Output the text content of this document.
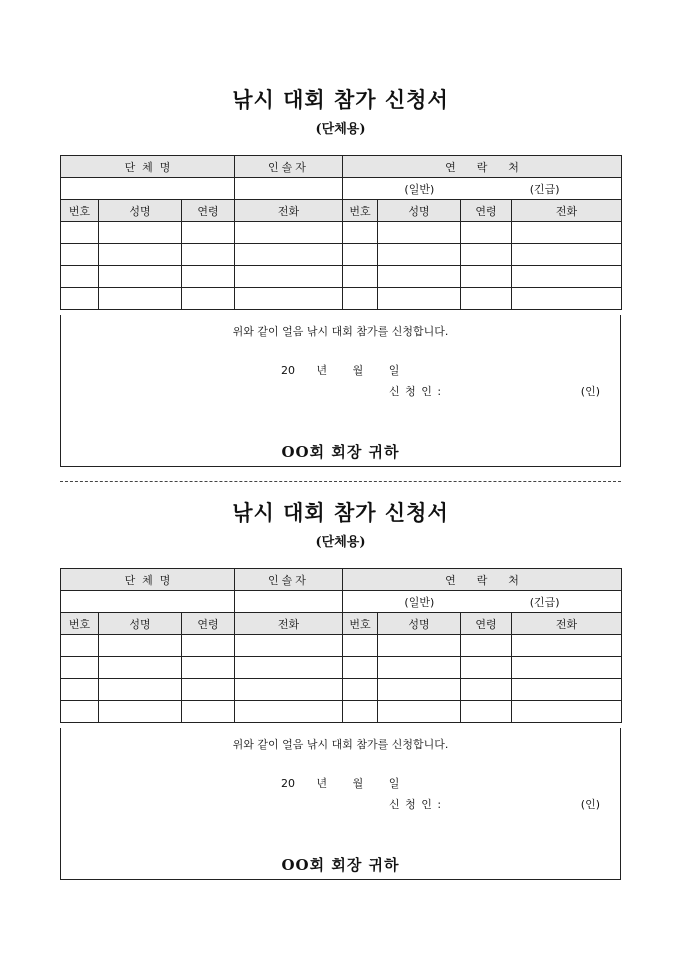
낚시 대회 참가 신청서
(단체용)
단  체  명			인솔자	연      락      처			
				(일반) (긴급)			
번호	성명	연령	전화	번호	성명	연령	전화

위와 같이 얼음 낚시 대회 참가를 신청합니다.
20 년 월 일
신 청 인 :	(인)
OO회 회장 귀하
낚시 대회 참가 신청서
(단체용)
단  체  명			인솔자	연      락      처			
				(일반) (긴급)			
번호	성명	연령	전화	번호	성명	연령	전화

위와 같이 얼음 낚시 대회 참가를 신청합니다.
20 년 월 일
신 청 인 :	(인)
OO회 회장 귀하
